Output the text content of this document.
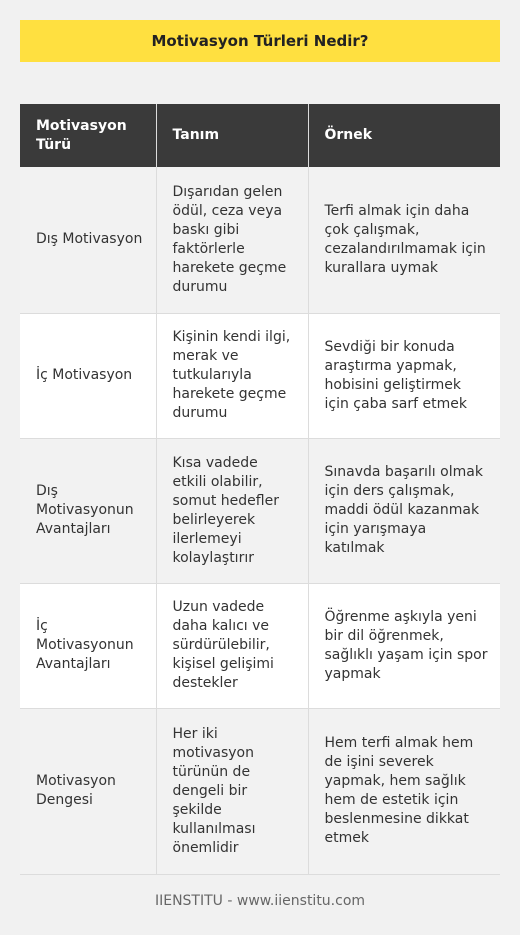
Motivasyon Türleri Nedir?
Motivasyon Türü	Tanım	Örnek
Dış Motivasyon	Dışarıdan gelen ödül, ceza veya baskı gibi faktörlerle harekete geçme durumu	Terfi almak için daha çok çalışmak, cezalandırılmamak için kurallara uymak
İç Motivasyon	Kişinin kendi ilgi, merak ve tutkularıyla harekete geçme durumu	Sevdiği bir konuda araştırma yapmak, hobisini geliştirmek için çaba sarf etmek
Dış Motivasyonun Avantajları	Kısa vadede etkili olabilir, somut hedefler belirleyerek ilerlemeyi kolaylaştırır	Sınavda başarılı olmak için ders çalışmak, maddi ödül kazanmak için yarışmaya katılmak
İç Motivasyonun Avantajları	Uzun vadede daha kalıcı ve sürdürülebilir, kişisel gelişimi destekler	Öğrenme aşkıyla yeni bir dil öğrenmek, sağlıklı yaşam için spor yapmak
Motivasyon Dengesi	Her iki motivasyon türünün de dengeli bir şekilde kullanılması önemlidir	Hem terfi almak hem de işini severek yapmak, hem sağlık hem de estetik için beslenmesine dikkat etmek
IIENSTITU - www.iienstitu.com
